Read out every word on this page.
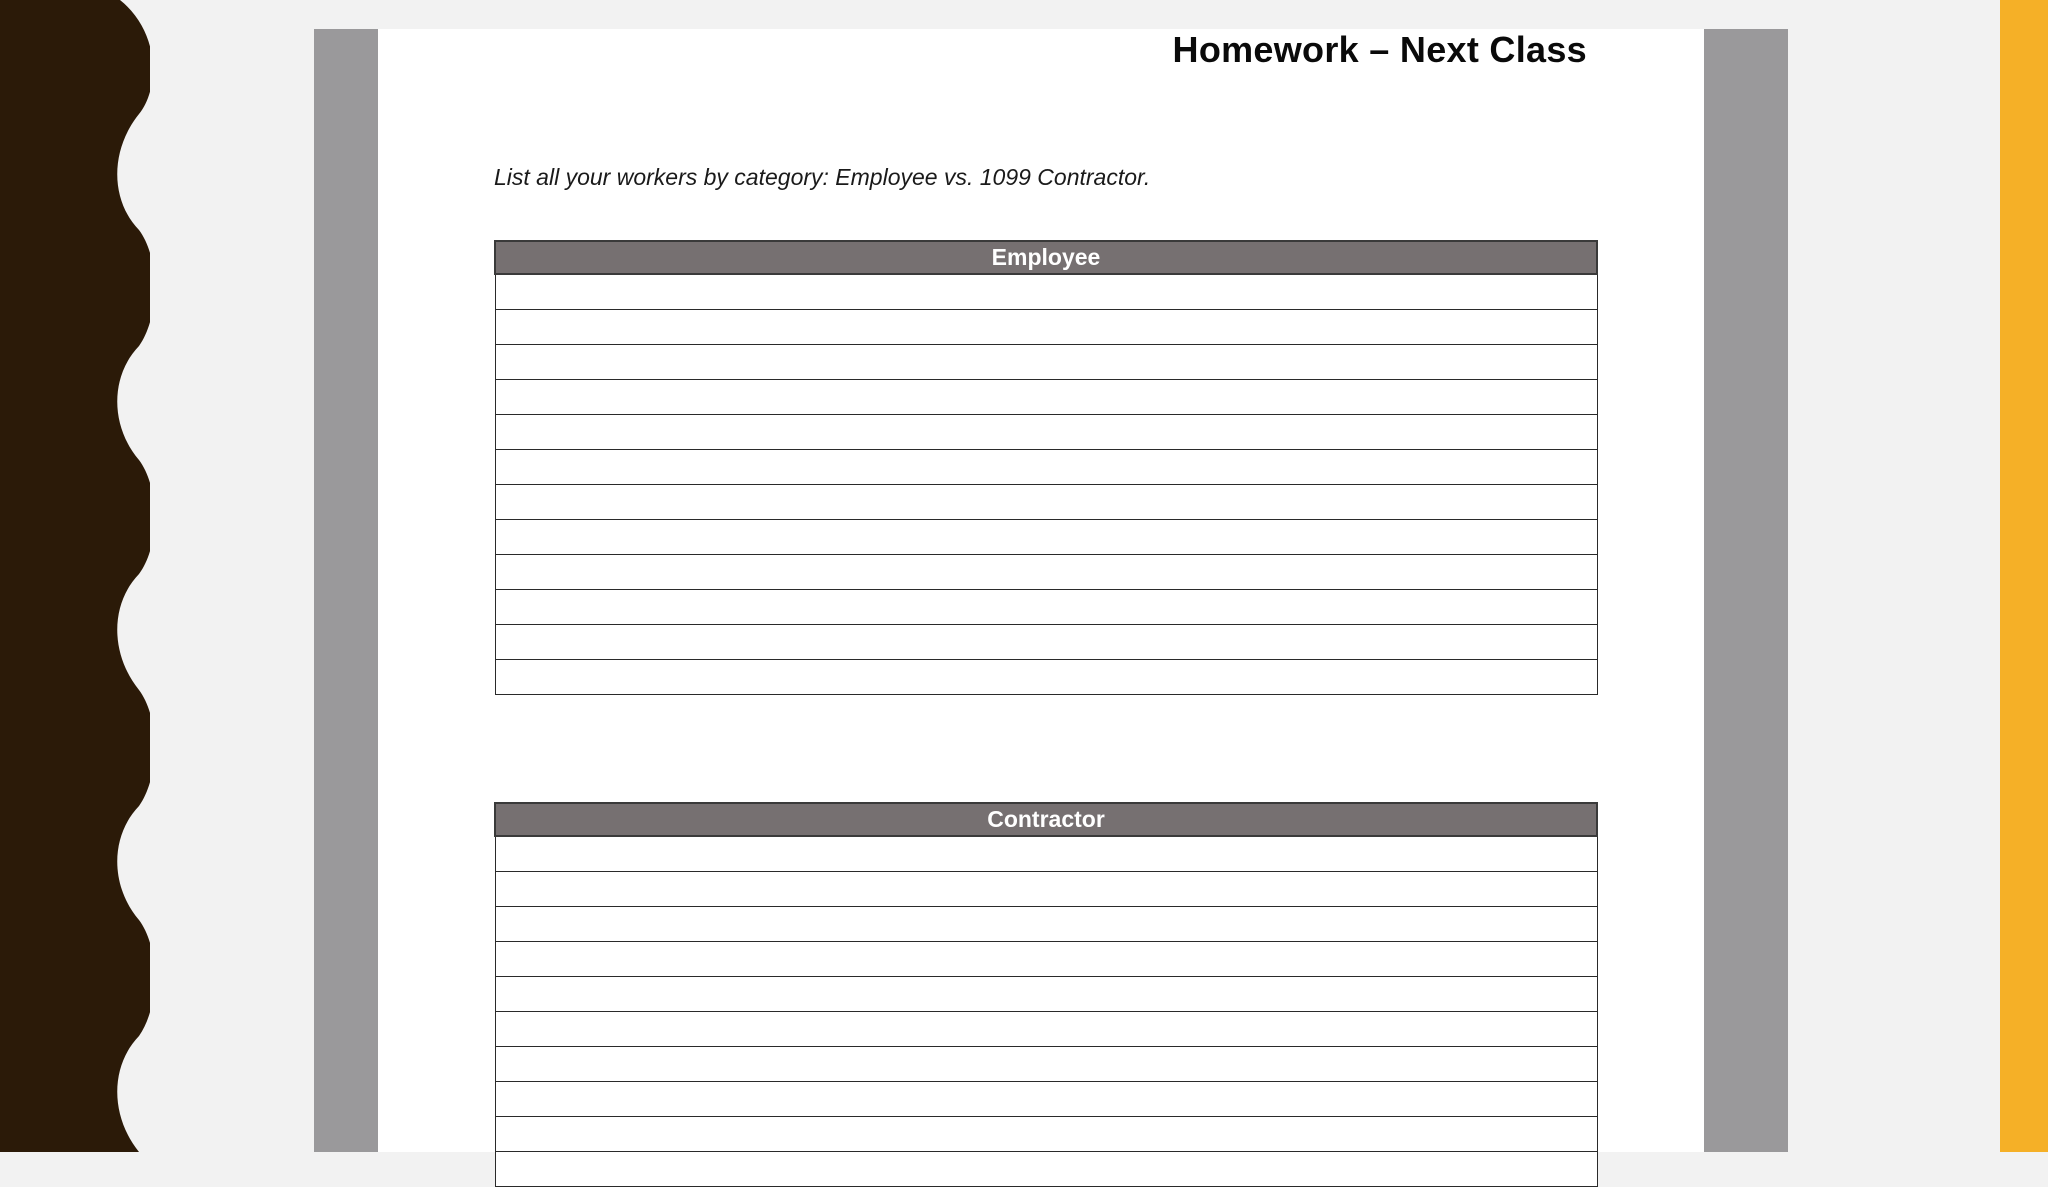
Homework – Next Class

List all your workers by category: Employee vs. 1099 Contractor.

Employee

Contractor
